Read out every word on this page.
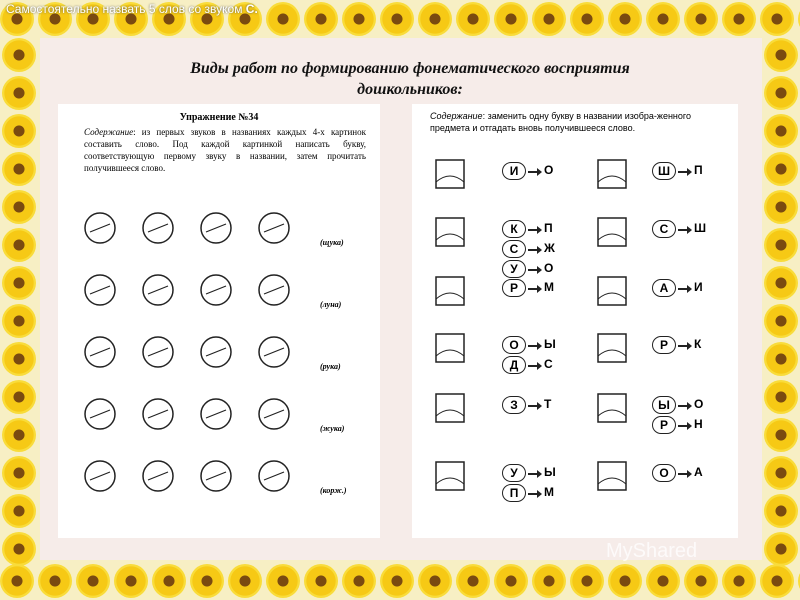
Самостоятельно назвать 5 слов со звуком С.
Виды работ по формированию фонематического восприятия
дошкольников:
Упражнение №34
Содержание: из первых звуков в названиях каждых 4-х картинок составить слово. Под каждой картинкой написать букву, соответствующую первому звуку в названии, затем прочитать получившееся слово.
(щука)
(луна)
(рука)
(жука)
(корж.)
Содержание: заменить одну букву в названии изобра-женного предмета и отгадать вновь получившееся слово.
И	О
К	П
С	Ж
У	О
Р	М
О	Ы
Д	С
З	Т
У	Ы
П	М
Ш	П
С	Ш
А	И
Р	К
Ы	О
Р	Н
О	А
MyShared
